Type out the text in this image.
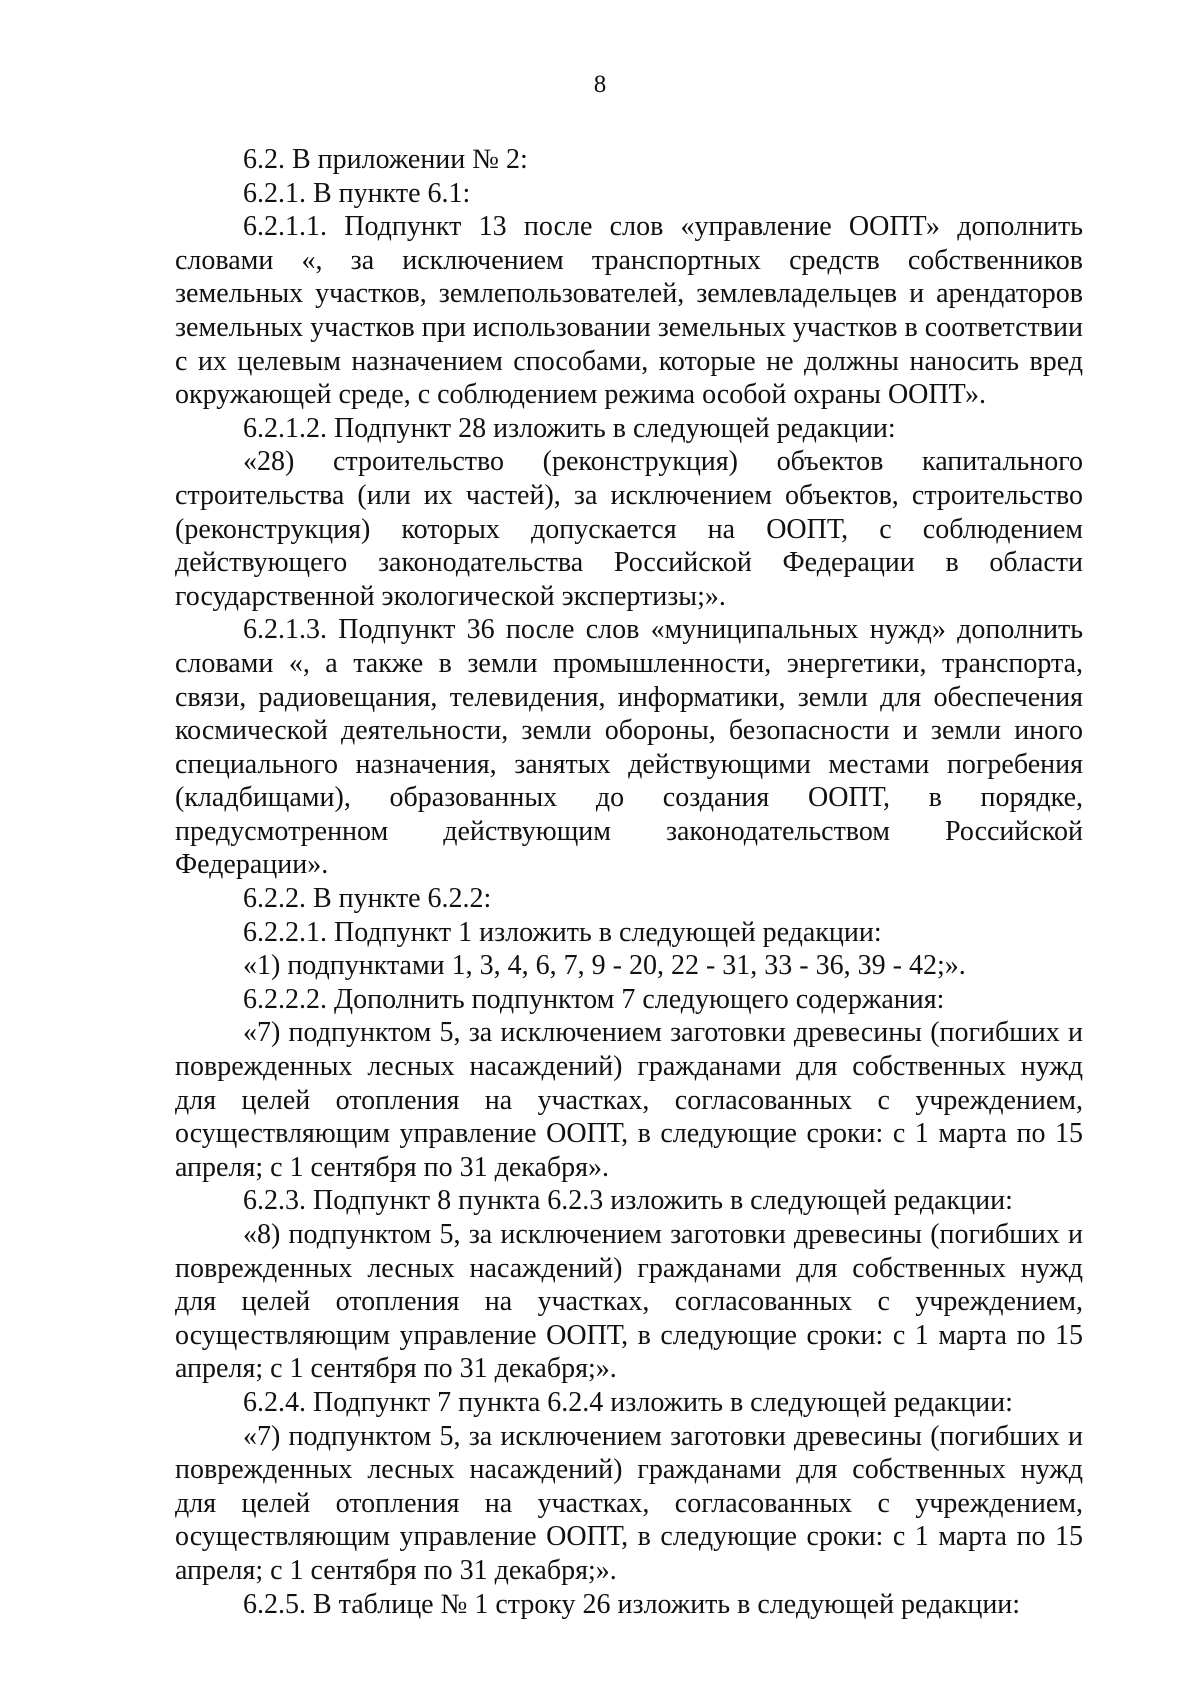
8

6.2. В приложении № 2:

6.2.1. В пункте 6.1:

6.2.1.1. Подпункт 13 после слов «управление ООПТ» дополнить словами «, за исключением транспортных средств собственников земельных участков, землепользователей, землевладельцев и арендаторов земельных участков при использовании земельных участков в соответствии с их целевым назначением способами, которые не должны наносить вред окружающей среде, с соблюдением режима особой охраны ООПТ».

6.2.1.2. Подпункт 28 изложить в следующей редакции:

«28) строительство (реконструкция) объектов капитального строительства (или их частей), за исключением объектов, строительство (реконструкция) которых допускается на ООПТ, с соблюдением действующего законодательства Российской Федерации в области государственной экологической экспертизы;».

6.2.1.3. Подпункт 36 после слов «муниципальных нужд» дополнить словами «, а также в земли промышленности, энергетики, транспорта, связи, радиовещания, телевидения, информатики, земли для обеспечения космической деятельности, земли обороны, безопасности и земли иного специального назначения, занятых действующими местами погребения (кладбищами), образованных до создания ООПТ, в порядке, предусмотренном действующим законодательством Российской Федерации».

6.2.2. В пункте 6.2.2:

6.2.2.1. Подпункт 1 изложить в следующей редакции:

«1) подпунктами 1, 3, 4, 6, 7, 9 - 20, 22 - 31, 33 - 36, 39 - 42;».

6.2.2.2. Дополнить подпунктом 7 следующего содержания:

«7) подпунктом 5, за исключением заготовки древесины (погибших и поврежденных лесных насаждений) гражданами для собственных нужд для целей отопления на участках, согласованных с учреждением, осуществляющим управление ООПТ, в следующие сроки: с 1 марта по 15 апреля; с 1 сентября по 31 декабря».

6.2.3. Подпункт 8 пункта 6.2.3 изложить в следующей редакции:

«8) подпунктом 5, за исключением заготовки древесины (погибших и поврежденных лесных насаждений) гражданами для собственных нужд для целей отопления на участках, согласованных с учреждением, осуществляющим управление ООПТ, в следующие сроки: с 1 марта по 15 апреля; с 1 сентября по 31 декабря;».

6.2.4. Подпункт 7 пункта 6.2.4 изложить в следующей редакции:

«7) подпунктом 5, за исключением заготовки древесины (погибших и поврежденных лесных насаждений) гражданами для собственных нужд для целей отопления на участках, согласованных с учреждением, осуществляющим управление ООПТ, в следующие сроки: с 1 марта по 15 апреля; с 1 сентября по 31 декабря;».

6.2.5. В таблице № 1 строку 26 изложить в следующей редакции:
